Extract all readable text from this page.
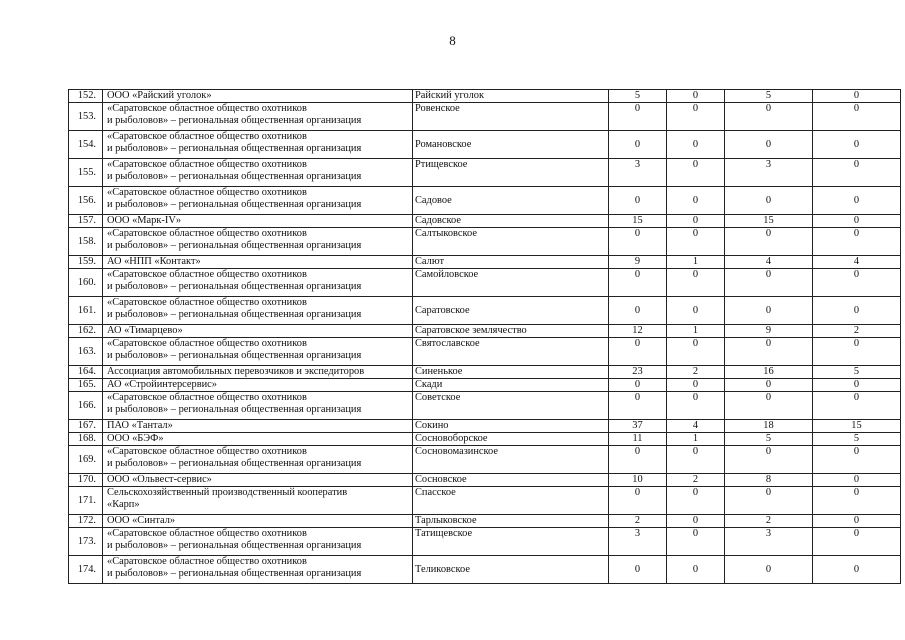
8
152.	ООО «Райский уголок»	Райский уголок	5	0	5	0
153.	«Саратовское областное общество охотников
и рыболовов» – региональная общественная организация	Ровенское	0	0	0	0
154.	«Саратовское областное общество охотников
и рыболовов» – региональная общественная организация	Романовское	0	0	0	0
155.	«Саратовское областное общество охотников
и рыболовов» – региональная общественная организация	Ртищевское	3	0	3	0
156.	«Саратовское областное общество охотников
и рыболовов» – региональная общественная организация	Садовое	0	0	0	0
157.	ООО «Марк-IV»	Садовское	15	0	15	0
158.	«Саратовское областное общество охотников
и рыболовов» – региональная общественная организация	Салтыковское	0	0	0	0
159.	АО «НПП «Контакт»	Салют	9	1	4	4
160.	«Саратовское областное общество охотников
и рыболовов» – региональная общественная организация	Самойловское	0	0	0	0
161.	«Саратовское областное общество охотников
и рыболовов» – региональная общественная организация	Саратовское	0	0	0	0
162.	АО «Тимарцево»	Саратовское землячество	12	1	9	2
163.	«Саратовское областное общество охотников
и рыболовов» – региональная общественная организация	Святославское	0	0	0	0
164.	Ассоциация автомобильных перевозчиков и экспедиторов	Синенькое	23	2	16	5
165.	АО «Стройинтерсервис»	Скади	0	0	0	0
166.	«Саратовское областное общество охотников
и рыболовов» – региональная общественная организация	Советское	0	0	0	0
167.	ПАО «Тантал»	Сокино	37	4	18	15
168.	ООО «БЭФ»	Сосновоборское	11	1	5	5
169.	«Саратовское областное общество охотников
и рыболовов» – региональная общественная организация	Сосновомазинское	0	0	0	0
170.	ООО «Ольвест-сервис»	Сосновское	10	2	8	0
171.	Сельскохозяйственный производственный кооператив
«Карп»	Спасское	0	0	0	0
172.	ООО «Синтал»	Тарлыковское	2	0	2	0
173.	«Саратовское областное общество охотников
и рыболовов» – региональная общественная организация	Татищевское	3	0	3	0
174.	«Саратовское областное общество охотников
и рыболовов» – региональная общественная организация	Теликовское	0	0	0	0
